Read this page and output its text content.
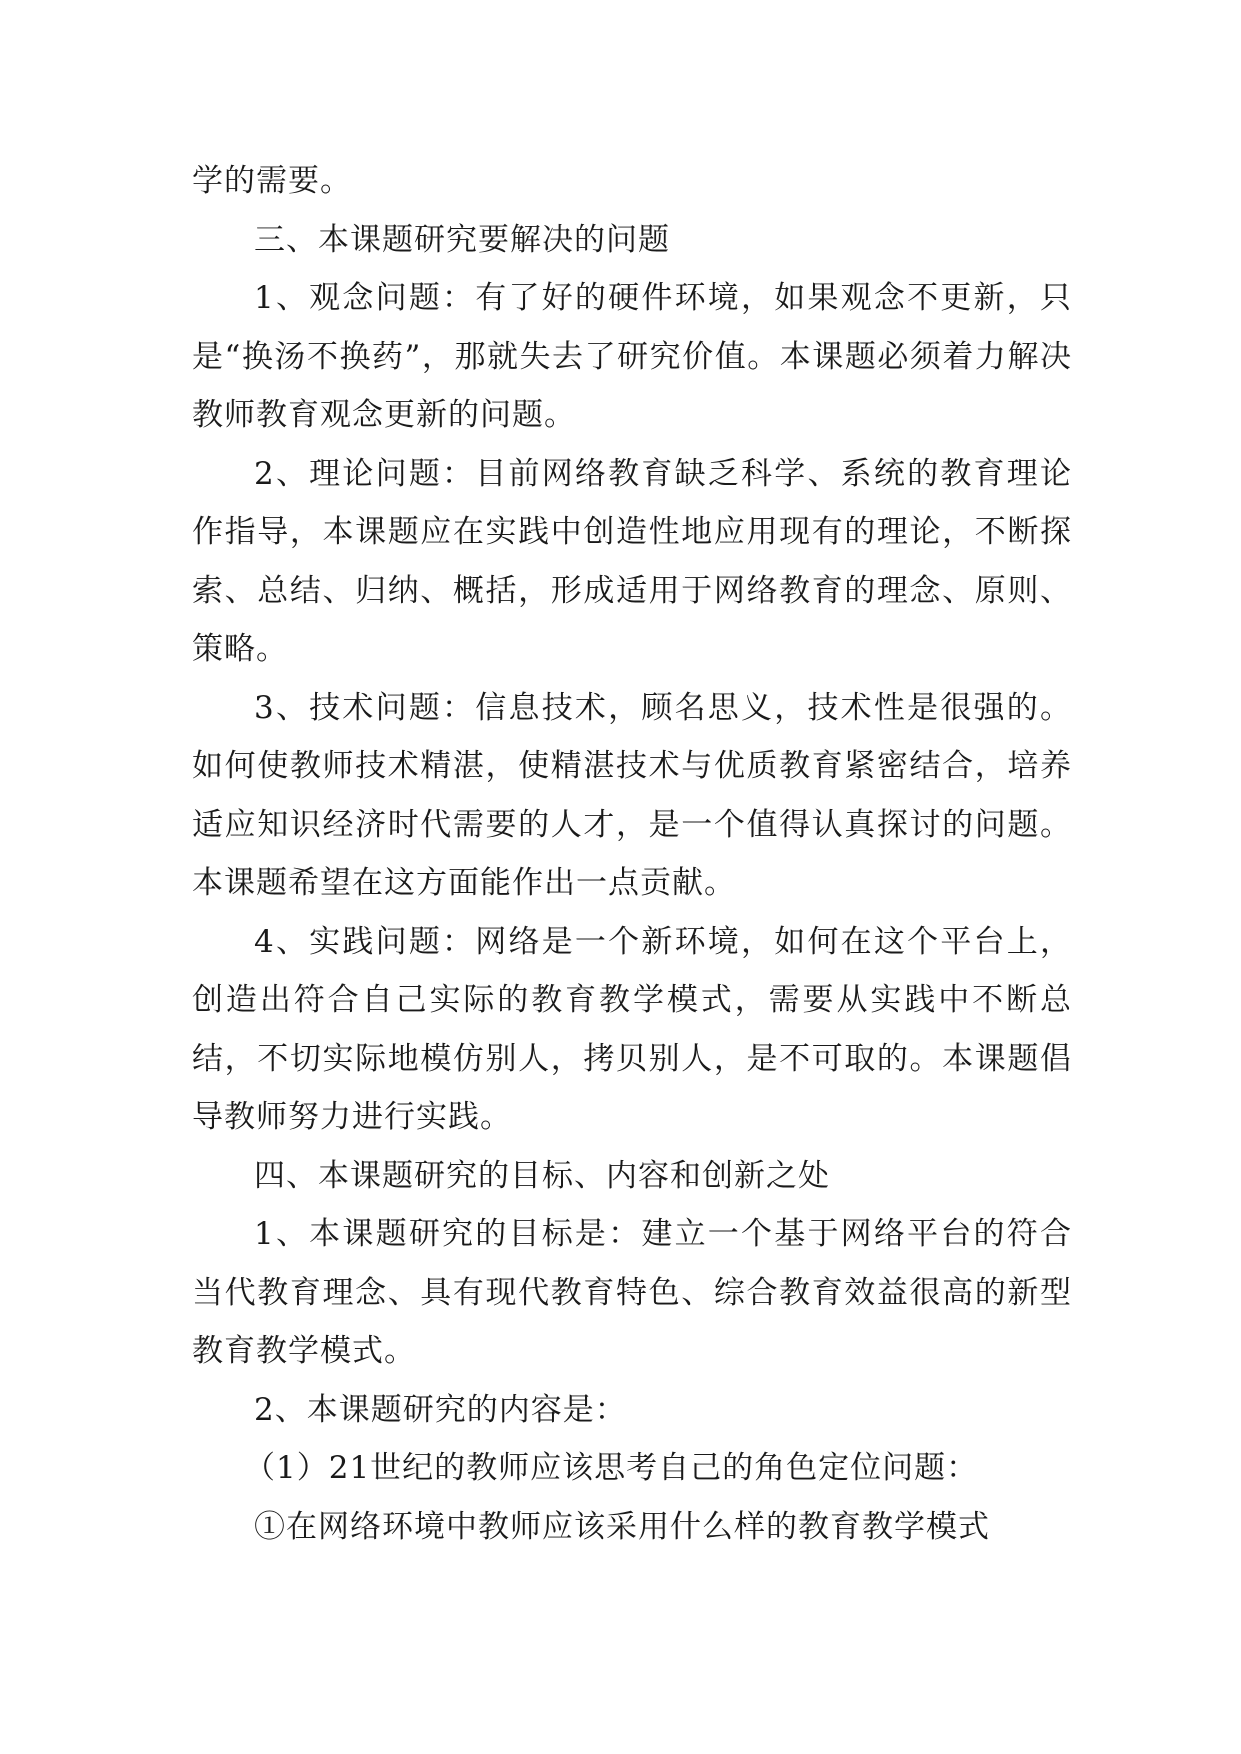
学的需要。

三、本课题研究要解决的问题

1、观念问题：有了好的硬件环境，如果观念不更新，只是“换汤不换药”，那就失去了研究价值。本课题必须着力解决教师教育观念更新的问题。

2、理论问题：目前网络教育缺乏科学、系统的教育理论作指导，本课题应在实践中创造性地应用现有的理论，不断探索、总结、归纳、概括，形成适用于网络教育的理念、原则、策略。

3、技术问题：信息技术，顾名思义，技术性是很强的。如何使教师技术精湛，使精湛技术与优质教育紧密结合，培养适应知识经济时代需要的人才，是一个值得认真探讨的问题。本课题希望在这方面能作出一点贡献。

4、实践问题：网络是一个新环境，如何在这个平台上，创造出符合自己实际的教育教学模式，需要从实践中不断总结，不切实际地模仿别人，拷贝别人，是不可取的。本课题倡导教师努力进行实践。

四、本课题研究的目标、内容和创新之处

1、本课题研究的目标是：建立一个基于网络平台的符合当代教育理念、具有现代教育特色、综合教育效益很高的新型教育教学模式。

2、本课题研究的内容是：

（1）21世纪的教师应该思考自己的角色定位问题：

①在网络环境中教师应该采用什么样的教育教学模式
